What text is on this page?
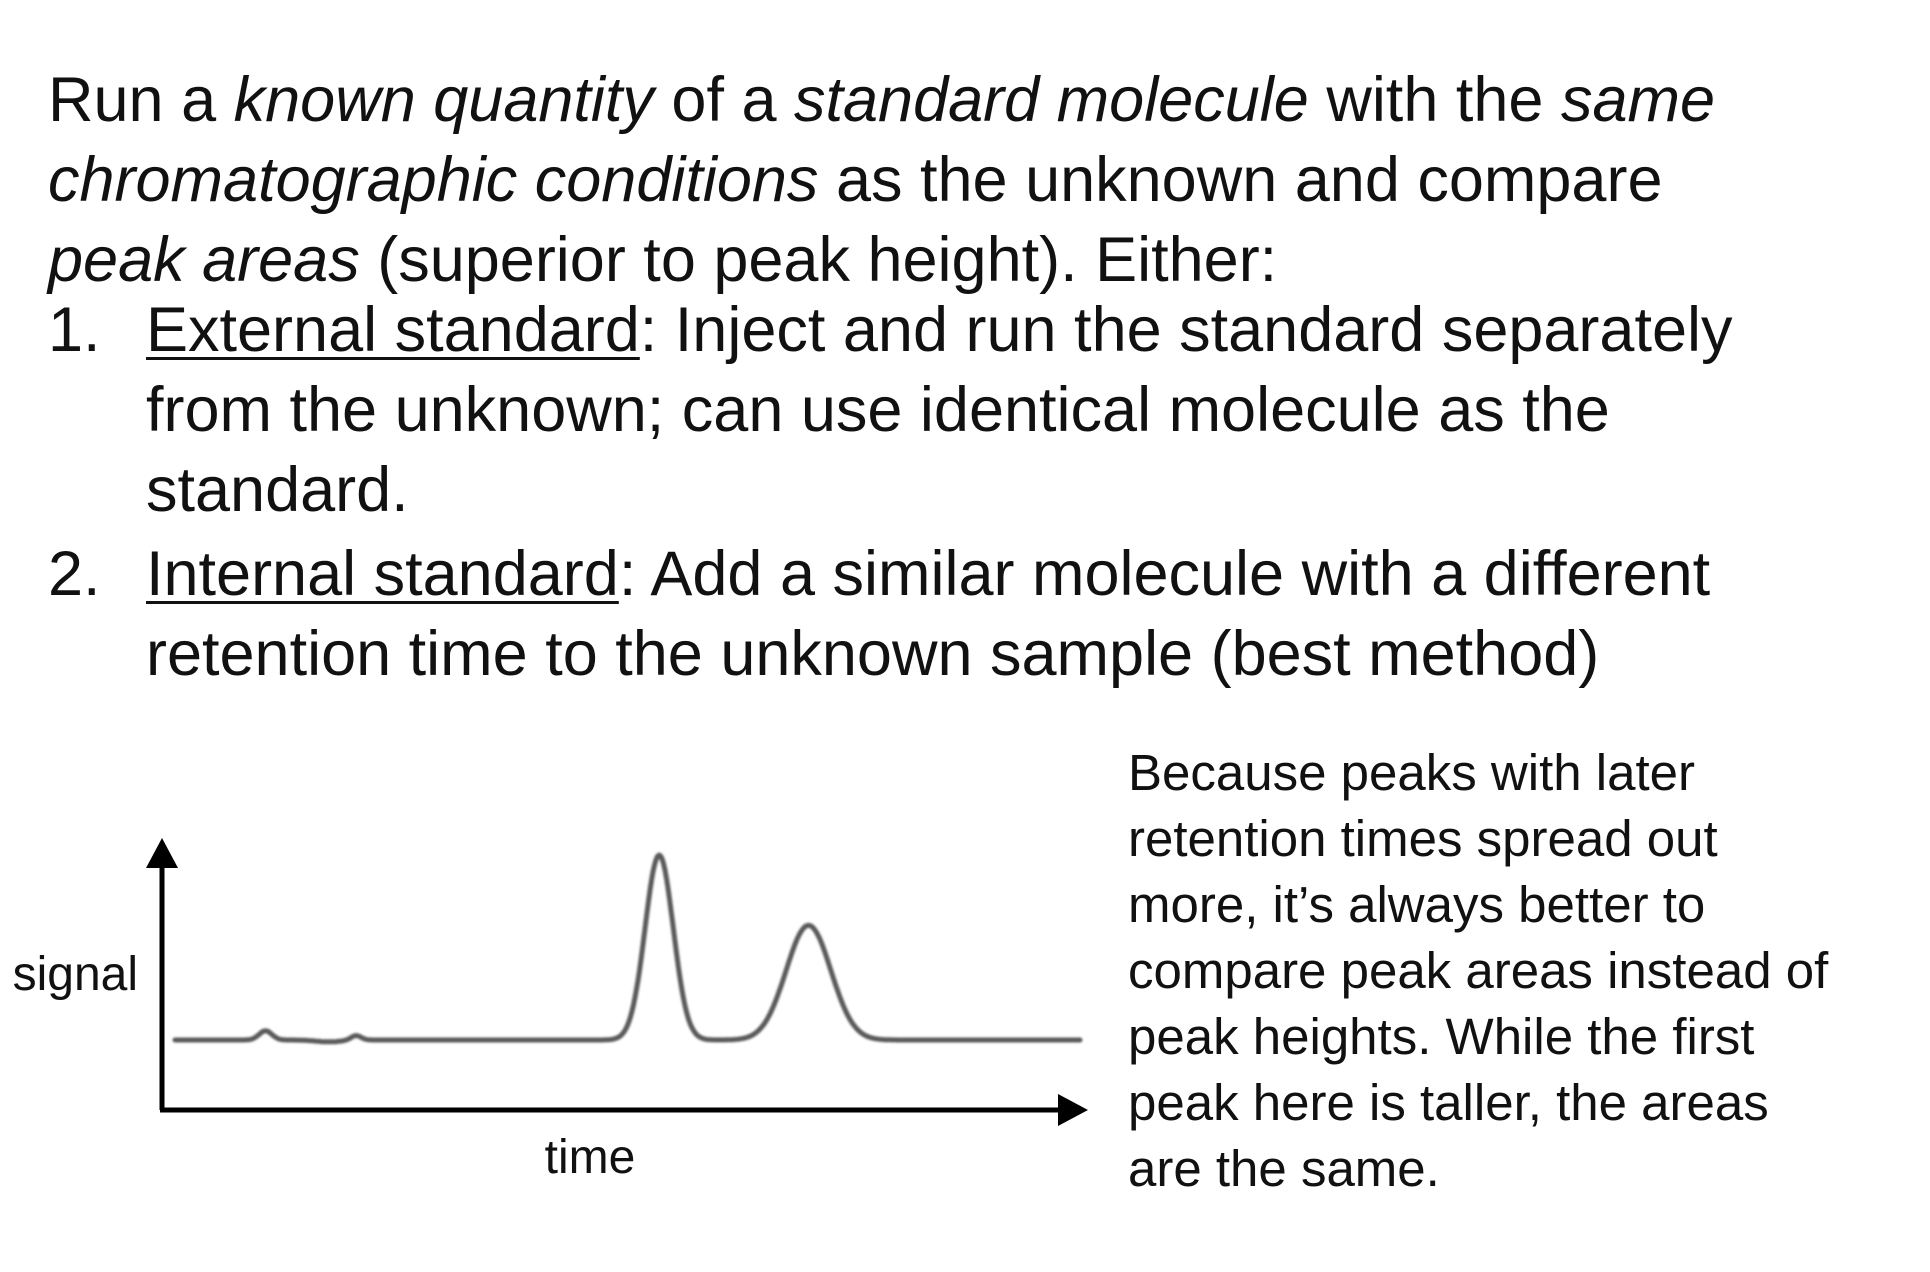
Run a known quantity of a standard molecule with the same
chromatographic conditions as the unknown and compare
peak areas (superior to peak height). Either:
1. External standard: Inject and run the standard separately
from the unknown; can use identical molecule as the
standard.
2. Internal standard: Add a similar molecule with a different
retention time to the unknown sample (best method)
signal
time
Because peaks with later
retention times spread out
more, it’s always better to
compare peak areas instead of
peak heights. While the first
peak here is taller, the areas
are the same.
